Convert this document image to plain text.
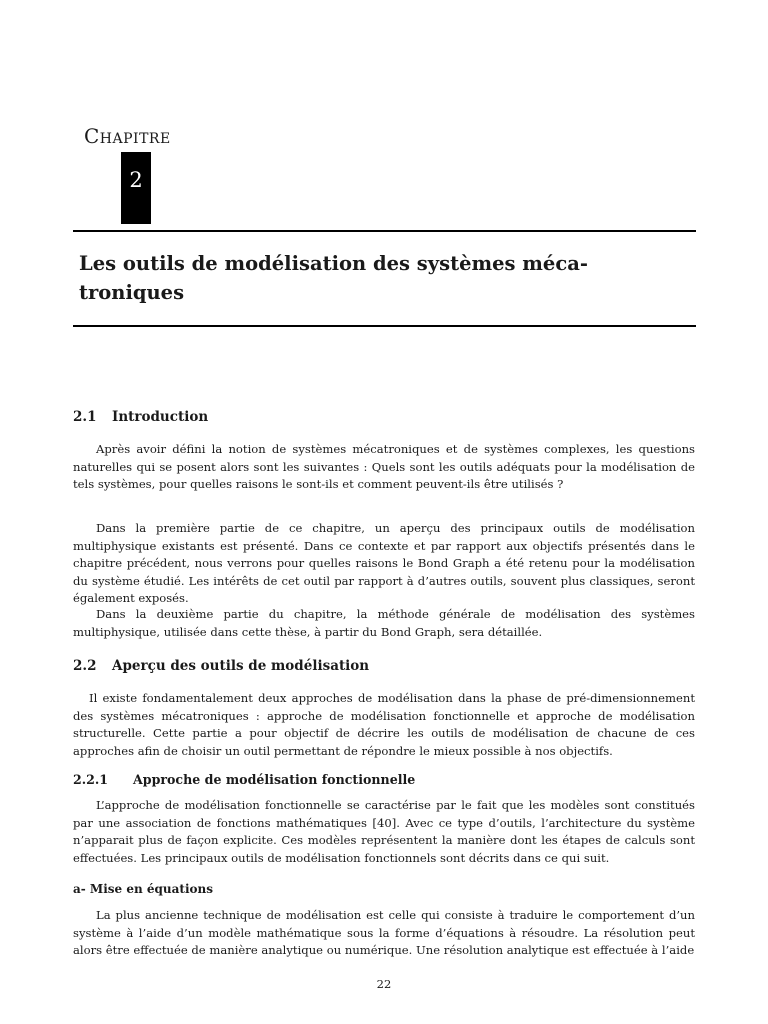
Chapitre
2
Les outils de modélisation des systèmes méca-troniques
2.1 Introduction

Après avoir défini la notion de systèmes mécatroniques et de systèmes complexes, les questions naturelles qui se posent alors sont les suivantes : Quels sont les outils adéquats pour la modélisation de tels systèmes, pour quelles raisons le sont-ils et comment peuvent-ils être utilisés ?

Dans la première partie de ce chapitre, un aperçu des principaux outils de modélisation multiphysique existants est présenté. Dans ce contexte et par rapport aux objectifs présentés dans le chapitre précédent, nous verrons pour quelles raisons le Bond Graph a été retenu pour la modélisation du système étudié. Les intérêts de cet outil par rapport à d’autres outils, souvent plus classiques, seront également exposés.

Dans la deuxième partie du chapitre, la méthode générale de modélisation des systèmes multiphysique, utilisée dans cette thèse, à partir du Bond Graph, sera détaillée.

2.2 Aperçu des outils de modélisation

Il existe fondamentalement deux approches de modélisation dans la phase de pré-dimensionnement des systèmes mécatroniques : approche de modélisation fonctionnelle et approche de modélisation structurelle. Cette partie a pour objectif de décrire les outils de modélisation de chacune de ces approches afin de choisir un outil permettant de répondre le mieux possible à nos objectifs.

2.2.1 Approche de modélisation fonctionnelle

L’approche de modélisation fonctionnelle se caractérise par le fait que les modèles sont constitués par une association de fonctions mathématiques [40]. Avec ce type d’outils, l’architecture du système n’apparait plus de façon explicite. Ces modèles représentent la manière dont les étapes de calculs sont effectuées. Les principaux outils de modélisation fonctionnels sont décrits dans ce qui suit.

a- Mise en équations

La plus ancienne technique de modélisation est celle qui consiste à traduire le comportement d’un système à l’aide d’un modèle mathématique sous la forme d’équations à résoudre. La résolution peut alors être effectuée de manière analytique ou numérique. Une résolution analytique est effectuée à l’aide

22
